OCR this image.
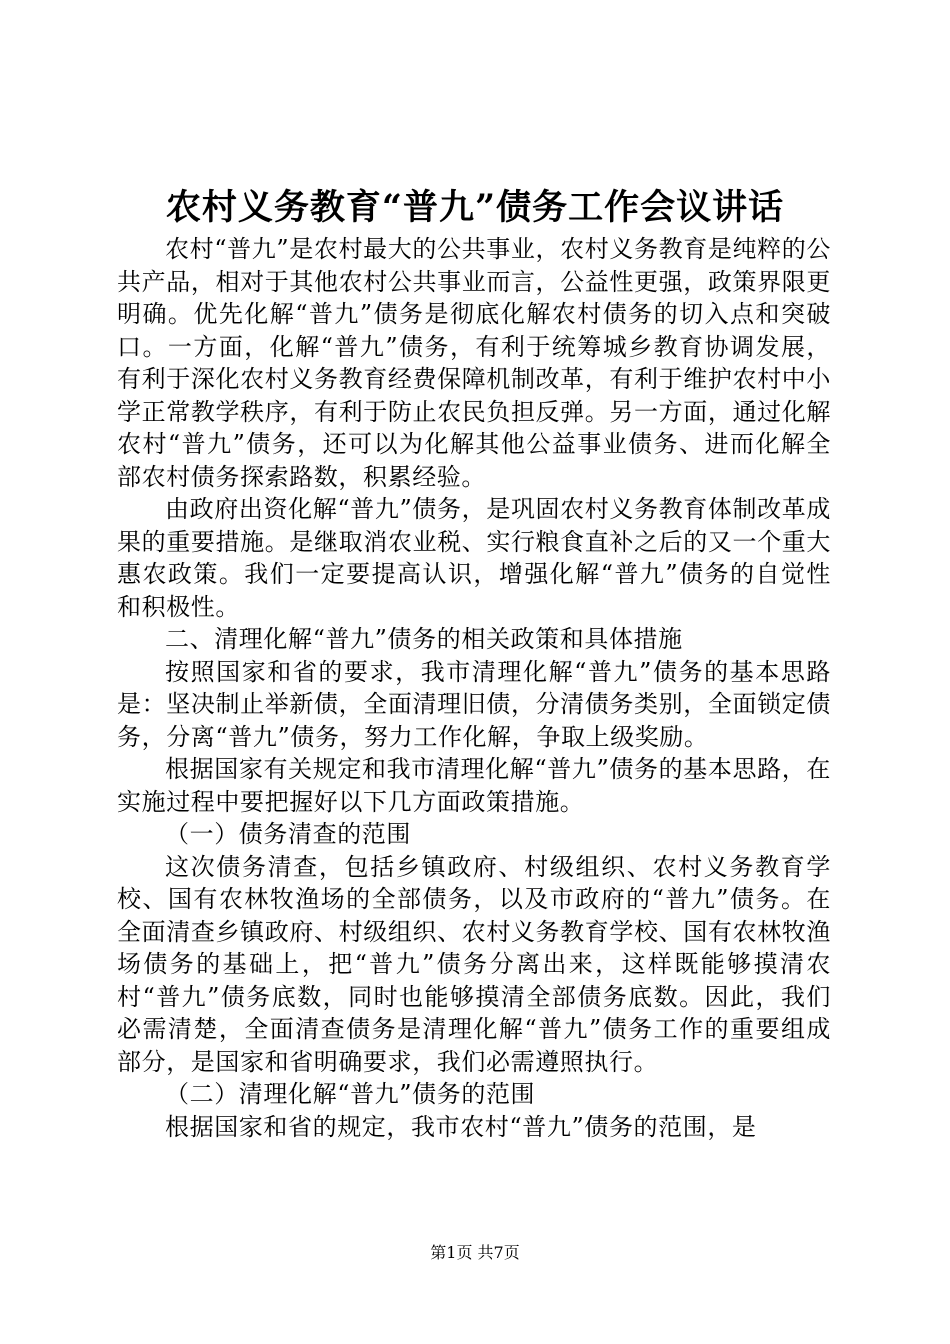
农村义务教育“普九”债务工作会议讲话

农村“普九”是农村最大的公共事业，农村义务教育是纯粹的公共产品，相对于其他农村公共事业而言，公益性更强，政策界限更明确。优先化解“普九”债务是彻底化解农村债务的切入点和突破口。一方面，化解“普九”债务，有利于统筹城乡教育协调发展，有利于深化农村义务教育经费保障机制改革，有利于维护农村中小学正常教学秩序，有利于防止农民负担反弹。另一方面，通过化解农村“普九”债务，还可以为化解其他公益事业债务、进而化解全部农村债务探索路数，积累经验。

由政府出资化解“普九”债务，是巩固农村义务教育体制改革成果的重要措施。是继取消农业税、实行粮食直补之后的又一个重大惠农政策。我们一定要提高认识，增强化解“普九”债务的自觉性和积极性。

二、清理化解“普九”债务的相关政策和具体措施

按照国家和省的要求，我市清理化解“普九”债务的基本思路是：坚决制止举新债，全面清理旧债，分清债务类别，全面锁定债务，分离“普九”债务，努力工作化解，争取上级奖励。

根据国家有关规定和我市清理化解“普九”债务的基本思路，在实施过程中要把握好以下几方面政策措施。

（一）债务清查的范围

这次债务清查，包括乡镇政府、村级组织、农村义务教育学校、国有农林牧渔场的全部债务，以及市政府的“普九”债务。在全面清查乡镇政府、村级组织、农村义务教育学校、国有农林牧渔场债务的基础上，把“普九”债务分离出来，这样既能够摸清农村“普九”债务底数，同时也能够摸清全部债务底数。因此，我们必需清楚，全面清查债务是清理化解“普九”债务工作的重要组成部分，是国家和省明确要求，我们必需遵照执行。

（二）清理化解“普九”债务的范围

根据国家和省的规定，我市农村“普九”债务的范围，是

第1页 共7页
